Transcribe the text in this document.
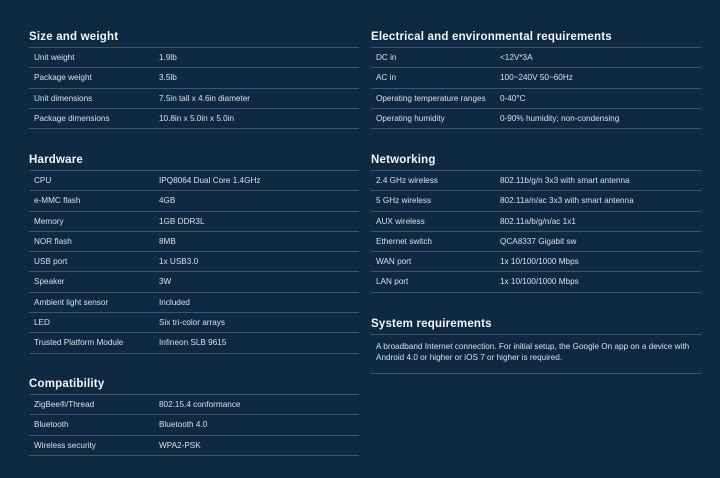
Size and weight
Unit weight	1.9lb
Package weight	3.5lb
Unit dimensions	7.5in tall x 4.6in diameter
Package dimensions	10.8in x 5.0in x 5.0in
Hardware
CPU	IPQ8064 Dual Core 1.4GHz
e-MMC flash	4GB
Memory	1GB DDR3L
NOR flash	8MB
USB port	1x USB3.0
Speaker	3W
Ambient light sensor	Included
LED	Six tri-color arrays
Trusted Platform Module	Infineon SLB 9615
Compatibility
ZigBee®/Thread	802.15.4 conformance
Bluetooth	Bluetooth 4.0
Wireless security	WPA2-PSK
Electrical and environmental requirements
DC in	<12V*3A
AC in	100~240V 50~60Hz
Operating temperature ranges 0-40°C
Operating humidity	0-90% humidity; non-condensing
Networking
2.4 GHz wireless	802.11b/g/n 3x3 with smart antenna
5 GHz wireless	802.11a/n/ac 3x3 with smart antenna
AUX wireless	802.11a/b/g/n/ac 1x1
Ethernet switch	QCA8337 Gigabit sw
WAN port	1x 10/100/1000 Mbps
LAN port	1x 10/100/1000 Mbps
System requirements
A broadband Internet connection. For initial setup, the Google On app on a device with Android 4.0 or higher or iOS 7 or higher is required.
